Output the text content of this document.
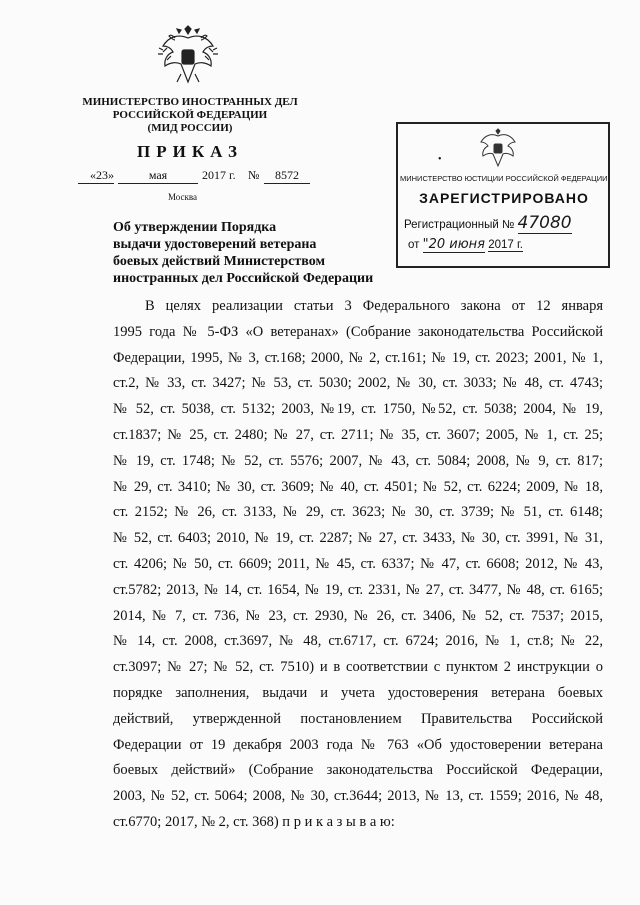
МИНИСТЕРСТВО ИНОСТРАННЫХ ДЕЛ
РОССИЙСКОЙ ФЕДЕРАЦИИ
(МИД РОССИИ)
ПРИКАЗ
«23»	мая	2017 г. №	8572
Москва
Об утверждении Порядка
выдачи удостоверений ветерана
боевых действий Министерством
иностранных дел Российской Федерации
•
МИНИСТЕРСТВО ЮСТИЦИИ РОССИЙСКОЙ ФЕДЕРАЦИИ
ЗАРЕГИСТРИРОВАНО
Регистрационный № 47080
от "20 июня 2017 г.
В целях реализации статьи 3 Федерального закона от 12 января
1995 года № 5-ФЗ «О ветеранах» (Собрание законодательства Российской
Федерации, 1995, № 3, ст.168; 2000, № 2, ст.161; № 19, ст. 2023; 2001, № 1,
ст.2, № 33, ст. 3427; № 53, ст. 5030; 2002, № 30, ст. 3033; № 48, ст. 4743;
№ 52, ст. 5038, ст. 5132; 2003, №19, ст. 1750, №52, ст. 5038; 2004, № 19,
ст.1837; № 25, ст. 2480; № 27, ст. 2711; № 35, ст. 3607; 2005, № 1, ст. 25;
№ 19, ст. 1748; № 52, ст. 5576; 2007, № 43, ст. 5084; 2008, № 9, ст. 817;
№ 29, ст. 3410; № 30, ст. 3609; № 40, ст. 4501; № 52, ст. 6224; 2009, № 18,
ст. 2152; № 26, ст. 3133, № 29, ст. 3623; № 30, ст. 3739; № 51, ст. 6148;
№ 52, ст. 6403; 2010, № 19, ст. 2287; № 27, ст. 3433, № 30, ст. 3991, № 31,
ст. 4206; № 50, ст. 6609; 2011, № 45, ст. 6337; № 47, ст. 6608; 2012, № 43,
ст.5782; 2013, № 14, ст. 1654, № 19, ст. 2331, № 27, ст. 3477, № 48, ст. 6165;
2014, № 7, ст. 736, № 23, ст. 2930, № 26, ст. 3406, № 52, ст. 7537; 2015,
№ 14, ст. 2008, ст.3697, № 48, ст.6717, ст. 6724; 2016, № 1, ст.8; № 22,
ст.3097; № 27; № 52, ст. 7510) и в соответствии с пунктом 2 инструкции о
порядке заполнения, выдачи и учета удостоверения ветерана боевых
действий, утвержденной постановлением Правительства Российской
Федерации от 19 декабря 2003 года № 763 «Об удостоверении ветерана
боевых действий» (Собрание законодательства Российской Федерации,
2003, № 52, ст. 5064; 2008, № 30, ст.3644; 2013, № 13, ст. 1559; 2016, № 48,
ст.6770; 2017, № 2, ст. 368) п р и к а з ы в а ю:
